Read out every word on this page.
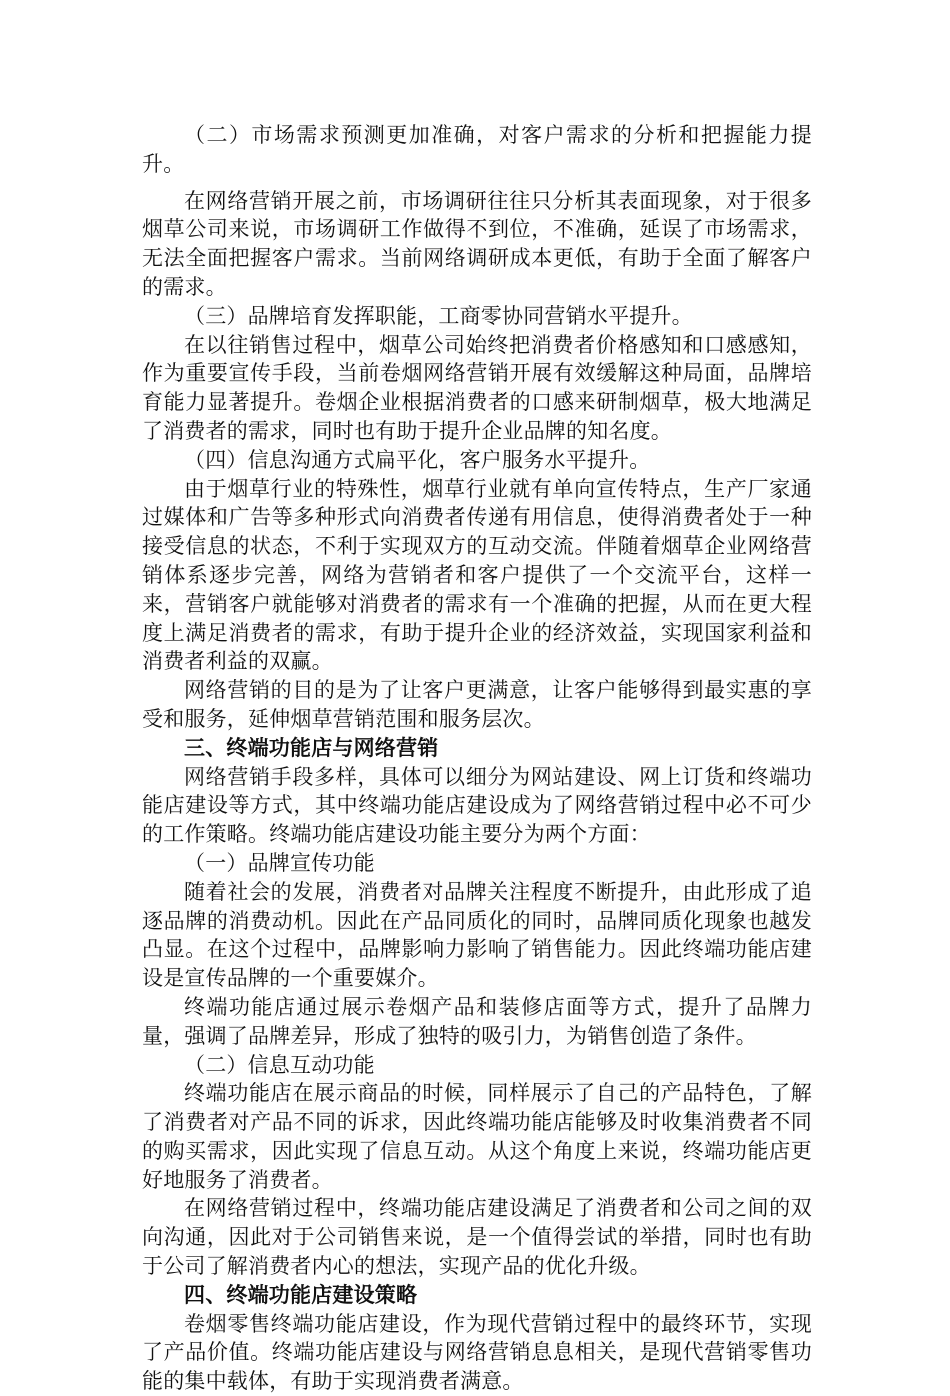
（二）市场需求预测更加准确，对客户需求的分析和把握能力提升。

在网络营销开展之前，市场调研往往只分析其表面现象，对于很多烟草公司来说，市场调研工作做得不到位，不准确，延误了市场需求，无法全面把握客户需求。当前网络调研成本更低，有助于全面了解客户的需求。

（三）品牌培育发挥职能，工商零协同营销水平提升。

在以往销售过程中，烟草公司始终把消费者价格感知和口感感知，作为重要宣传手段，当前卷烟网络营销开展有效缓解这种局面，品牌培育能力显著提升。卷烟企业根据消费者的口感来研制烟草，极大地满足了消费者的需求，同时也有助于提升企业品牌的知名度。

（四）信息沟通方式扁平化，客户服务水平提升。

由于烟草行业的特殊性，烟草行业就有单向宣传特点，生产厂家通过媒体和广告等多种形式向消费者传递有用信息，使得消费者处于一种接受信息的状态，不利于实现双方的互动交流。伴随着烟草企业网络营销体系逐步完善，网络为营销者和客户提供了一个交流平台，这样一来，营销客户就能够对消费者的需求有一个准确的把握，从而在更大程度上满足消费者的需求，有助于提升企业的经济效益，实现国家利益和消费者利益的双赢。

网络营销的目的是为了让客户更满意，让客户能够得到最实惠的享受和服务，延伸烟草营销范围和服务层次。

三、终端功能店与网络营销

网络营销手段多样，具体可以细分为网站建设、网上订货和终端功能店建设等方式，其中终端功能店建设成为了网络营销过程中必不可少的工作策略。终端功能店建设功能主要分为两个方面：

（一）品牌宣传功能

随着社会的发展，消费者对品牌关注程度不断提升，由此形成了追逐品牌的消费动机。因此在产品同质化的同时，品牌同质化现象也越发凸显。在这个过程中，品牌影响力影响了销售能力。因此终端功能店建设是宣传品牌的一个重要媒介。

终端功能店通过展示卷烟产品和装修店面等方式，提升了品牌力量，强调了品牌差异，形成了独特的吸引力，为销售创造了条件。

（二）信息互动功能

终端功能店在展示商品的时候，同样展示了自己的产品特色，了解了消费者对产品不同的诉求，因此终端功能店能够及时收集消费者不同的购买需求，因此实现了信息互动。从这个角度上来说，终端功能店更好地服务了消费者。

在网络营销过程中，终端功能店建设满足了消费者和公司之间的双向沟通，因此对于公司销售来说，是一个值得尝试的举措，同时也有助于公司了解消费者内心的想法，实现产品的优化升级。

四、终端功能店建设策略

卷烟零售终端功能店建设，作为现代营销过程中的最终环节，实现了产品价值。终端功能店建设与网络营销息息相关，是现代营销零售功能的集中载体，有助于实现消费者满意。
